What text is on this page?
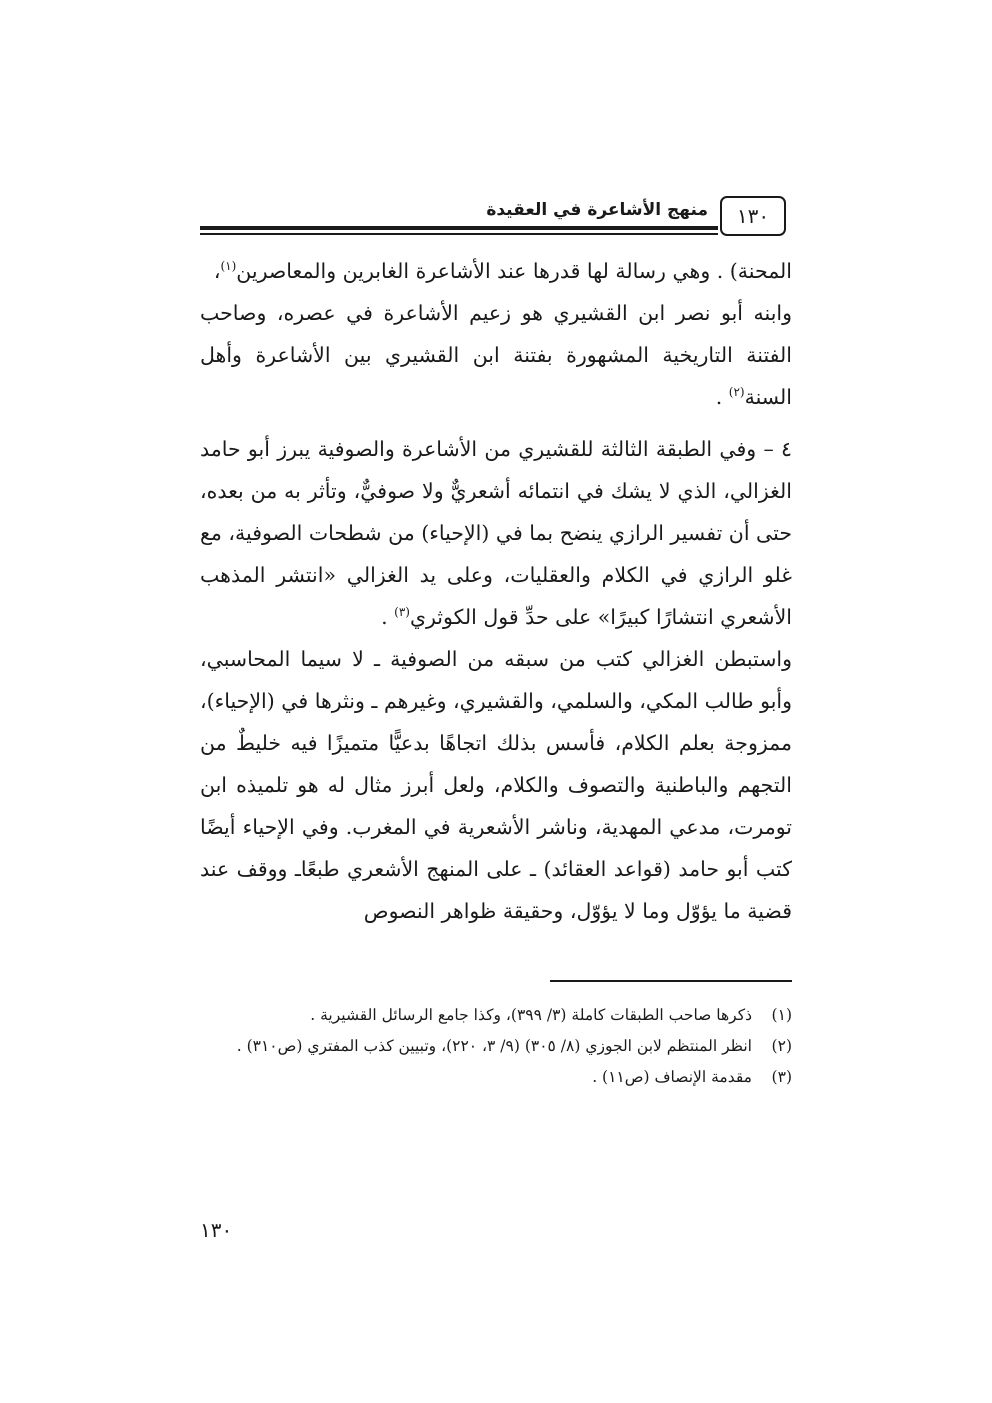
١٣٠
منهج الأشاعرة في العقيدة

المحنة) . وهي رسالة لها قدرها عند الأشاعرة الغابرين والمعاصرين$^{(١)}$،

وابنه أبو نصر ابن القشيري هو زعيم الأشاعرة في عصره، وصاحب الفتنة التاريخية المشهورة بفتنة ابن القشيري بين الأشاعرة وأهل السنة$^{(٢)}$ .

٤ – وفي الطبقة الثالثة للقشيري من الأشاعرة والصوفية يبرز أبو حامد الغزالي، الذي لا يشك في انتمائه أشعريٌّ ولا صوفيٌّ، وتأثر به من بعده، حتى أن تفسير الرازي ينضح بما في (الإحياء) من شطحات الصوفية، مع غلو الرازي في الكلام والعقليات، وعلى يد الغزالي «انتشر المذهب الأشعري انتشارًا كبيرًا» على حدِّ قول الكوثري$^{(٣)}$ .

واستبطن الغزالي كتب من سبقه من الصوفية ـ لا سيما المحاسبي، وأبو طالب المكي، والسلمي، والقشيري، وغيرهم ـ ونثرها في (الإحياء)، ممزوجة بعلم الكلام، فأسس بذلك اتجاهًا بدعيًّا متميزًا فيه خليطٌ من التجهم والباطنية والتصوف والكلام، ولعل أبرز مثال له هو تلميذه ابن تومرت، مدعي المهدية، وناشر الأشعرية في المغرب. وفي الإحياء أيضًا كتب أبو حامد (قواعد العقائد) ـ على المنهج الأشعري طبعًاـ ووقف عند قضية ما يؤوّل وما لا يؤوّل، وحقيقة ظواهر النصوص

(١)
ذكرها صاحب الطبقات كاملة (٣/ ٣٩٩)، وكذا جامع الرسائل القشيرية .
(٢)
انظر المنتظم لابن الجوزي (٨/ ٣٠٥) (٩/ ٣، ٢٢٠)، وتبيين كذب المفتري (ص٣١٠) .
(٣)
مقدمة الإنصاف (ص١١) .
١٣٠
